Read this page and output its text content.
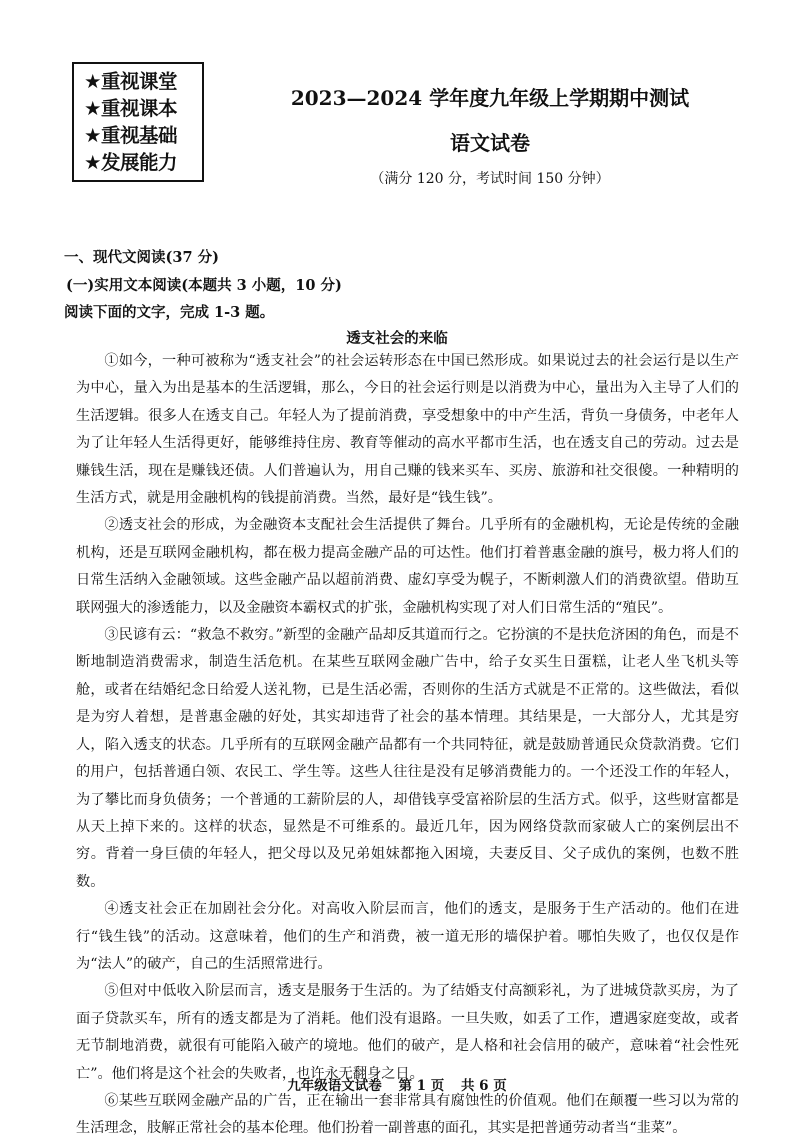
★重视课堂
★重视课本
★重视基础
★发展能力
2023—2024 学年度九年级上学期期中测试
语文试卷
（满分 120 分，考试时间 150 分钟）
一、现代文阅读(37 分)
(一)实用文本阅读(本题共 3 小题，10 分)
阅读下面的文字，完成 1-3 题。
透支社会的来临

①如今，一种可被称为“透支社会”的社会运转形态在中国已然形成。如果说过去的社会运行是以生产为中心，量入为出是基本的生活逻辑，那么，今日的社会运行则是以消费为中心，量出为入主导了人们的生活逻辑。很多人在透支自己。年轻人为了提前消费，享受想象中的中产生活，背负一身债务，中老年人为了让年轻人生活得更好，能够维持住房、教育等催动的高水平都市生活，也在透支自己的劳动。过去是赚钱生活，现在是赚钱还债。人们普遍认为，用自己赚的钱来买车、买房、旅游和社交很傻。一种精明的生活方式，就是用金融机构的钱提前消费。当然，最好是“钱生钱”。

②透支社会的形成，为金融资本支配社会生活提供了舞台。几乎所有的金融机构，无论是传统的金融机构，还是互联网金融机构，都在极力提高金融产品的可达性。他们打着普惠金融的旗号，极力将人们的日常生活纳入金融领域。这些金融产品以超前消费、虚幻享受为幌子，不断刺激人们的消费欲望。借助互联网强大的渗透能力，以及金融资本霸权式的扩张，金融机构实现了对人们日常生活的“殖民”。

③民谚有云：“救急不救穷。”新型的金融产品却反其道而行之。它扮演的不是扶危济困的角色，而是不断地制造消费需求，制造生活危机。在某些互联网金融广告中，给子女买生日蛋糕，让老人坐飞机头等舱，或者在结婚纪念日给爱人送礼物，已是生活必需，否则你的生活方式就是不正常的。这些做法，看似是为穷人着想，是普惠金融的好处，其实却违背了社会的基本情理。其结果是，一大部分人，尤其是穷人，陷入透支的状态。几乎所有的互联网金融产品都有一个共同特征，就是鼓励普通民众贷款消费。它们的用户，包括普通白领、农民工、学生等。这些人往往是没有足够消费能力的。一个还没工作的年轻人，为了攀比而身负债务；一个普通的工薪阶层的人，却借钱享受富裕阶层的生活方式。似乎，这些财富都是从天上掉下来的。这样的状态，显然是不可维系的。最近几年，因为网络贷款而家破人亡的案例层出不穷。背着一身巨债的年轻人，把父母以及兄弟姐妹都拖入困境，夫妻反目、父子成仇的案例，也数不胜数。

④透支社会正在加剧社会分化。对高收入阶层而言，他们的透支，是服务于生产活动的。他们在进行“钱生钱”的活动。这意味着，他们的生产和消费，被一道无形的墙保护着。哪怕失败了，也仅仅是作为“法人”的破产，自己的生活照常进行。

⑤但对中低收入阶层而言，透支是服务于生活的。为了结婚支付高额彩礼，为了进城贷款买房，为了面子贷款买车，所有的透支都是为了消耗。他们没有退路。一旦失败，如丢了工作，遭遇家庭变故，或者无节制地消费，就很有可能陷入破产的境地。他们的破产，是人格和社会信用的破产，意味着“社会性死亡”。他们将是这个社会的失败者，也许永无翻身之日。

⑥某些互联网金融产品的广告，正在输出一套非常具有腐蚀性的价值观。他们在颠覆一些习以为常的生活理念，肢解正常社会的基本伦理。他们扮着一副普惠的面孔，其实是把普通劳动者当“韭菜”。

九年级语文试卷 第 1 页 共 6 页
